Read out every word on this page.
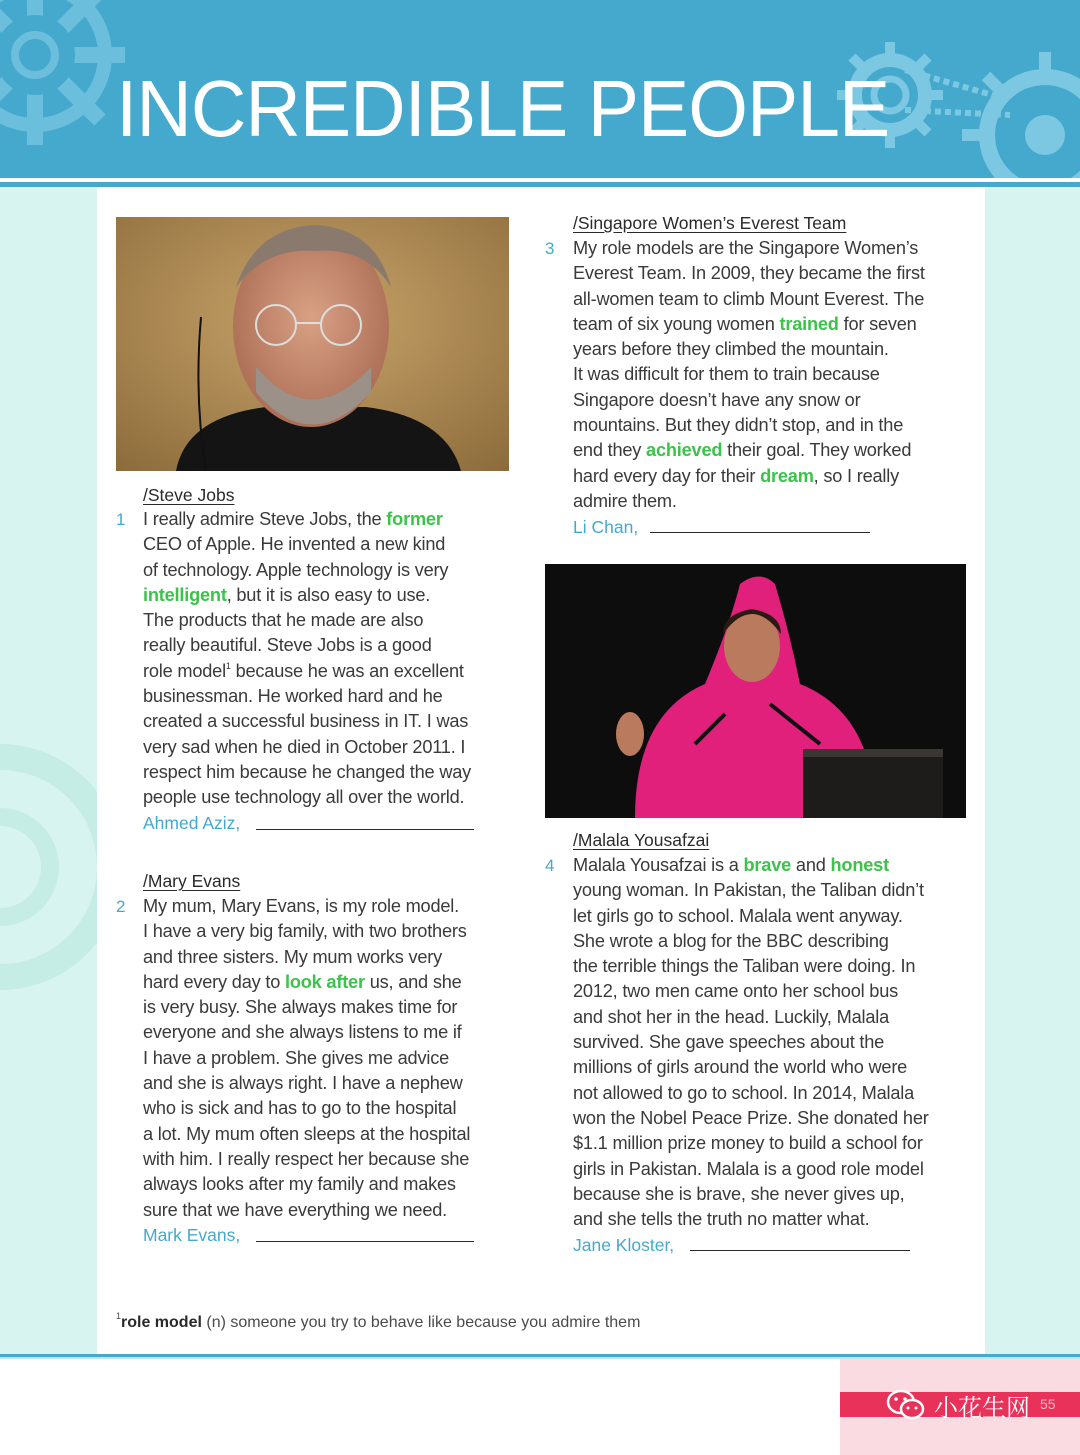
INCREDIBLE PEOPLE
/Steve Jobs
1 I really admire Steve Jobs, the former
CEO of Apple. He invented a new kind
of technology. Apple technology is very
intelligent, but it is also easy to use.
The products that he made are also
really beautiful. Steve Jobs is a good
role model$^1$ because he was an excellent
businessman. He worked hard and he
created a successful business in IT. I was
very sad when he died in October 2011. I
respect him because he changed the way
people use technology all over the world.

Ahmed Aziz,
/Mary Evans
2 My mum, Mary Evans, is my role model.
I have a very big family, with two brothers
and three sisters. My mum works very
hard every day to look after us, and she
is very busy. She always makes time for
everyone and she always listens to me if
I have a problem. She gives me advice
and she is always right. I have a nephew
who is sick and has to go to the hospital
a lot. My mum often sleeps at the hospital
with him. I really respect her because she
always looks after my family and makes
sure that we have everything we need.

Mark Evans,
/Singapore Women’s Everest Team
3	My role models are the Singapore Women’s
Everest Team. In 2009, they became the first
all-women team to climb Mount Everest. The
team of six young women trained for seven
years before they climbed the mountain.
It was difficult for them to train because
Singapore doesn’t have any snow or
mountains. But they didn’t stop, and in the
end they achieved their goal. They worked
hard every day for their dream, so I really
admire them.

Li Chan,
/Malala Yousafzai
4	Malala Yousafzai is a brave and honest
young woman. In Pakistan, the Taliban didn’t
let girls go to school. Malala went anyway.
She wrote a blog for the BBC describing
the terrible things the Taliban were doing. In
2012, two men came onto her school bus
and shot her in the head. Luckily, Malala
survived. She gave speeches about the
millions of girls around the world who were
not allowed to go to school. In 2014, Malala
won the Nobel Peace Prize. She donated her
$1.1 million prize money to build a school for
girls in Pakistan. Malala is a good role model
because she is brave, she never gives up,
and she tells the truth no matter what.

Jane Kloster,
$^1$role model (n) someone you try to behave like because you admire them
55
小花生网
